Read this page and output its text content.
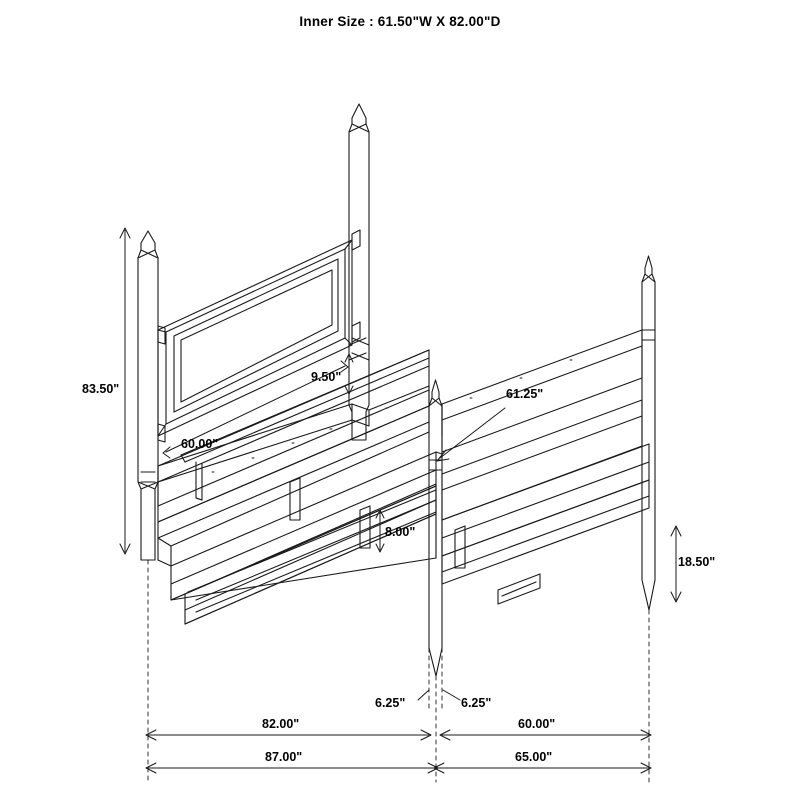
Inner Size : 61.50"W X 82.00"D
83.50"
60.00"
9.50"
61.25"
8.00"
18.50"
6.25"	6.25"
82.00"	60.00"
87.00"	65.00"
